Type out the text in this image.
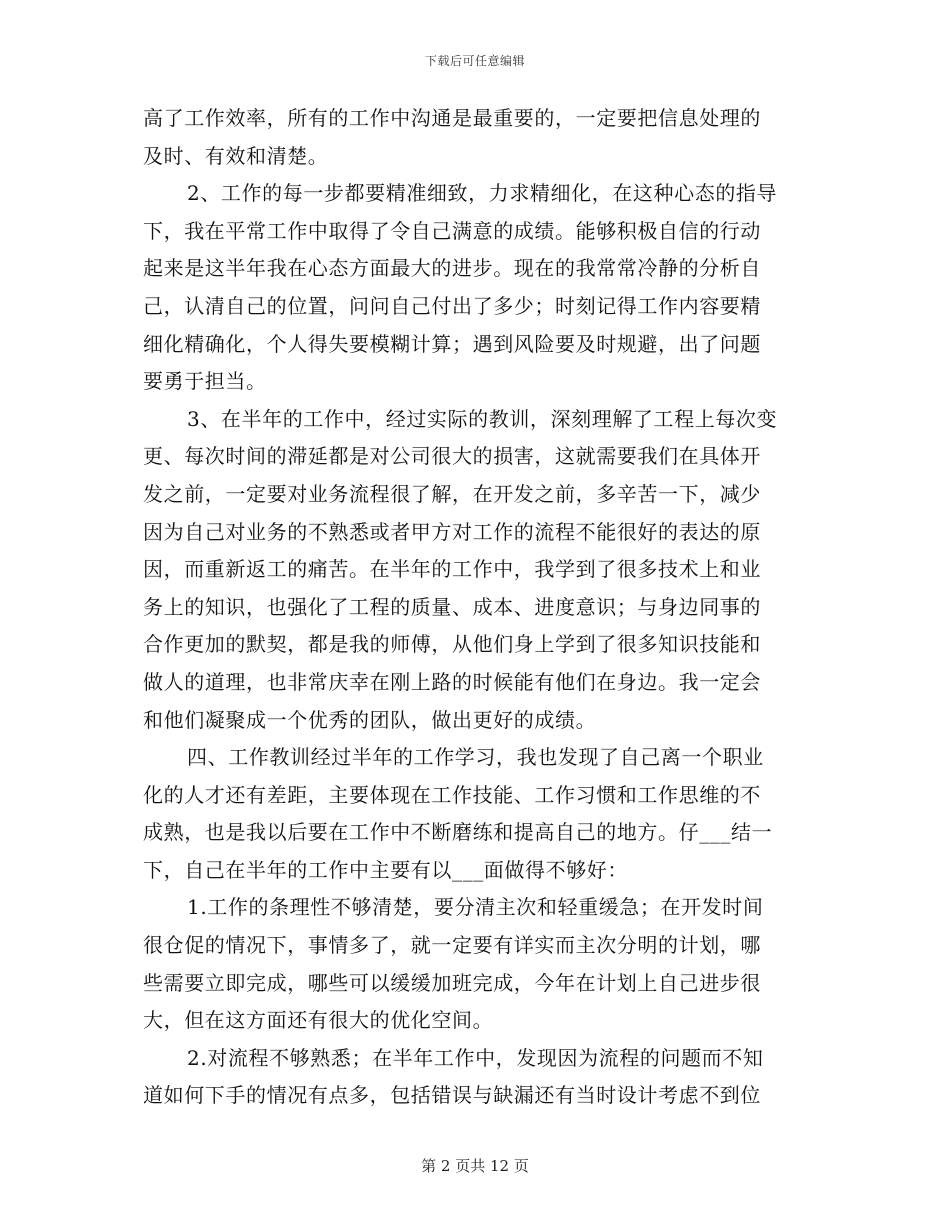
下载后可任意编辑
高了工作效率，所有的工作中沟通是最重要的，一定要把信息处理的
及时、有效和清楚。
2、工作的每一步都要精准细致，力求精细化，在这种心态的指导
下，我在平常工作中取得了令自己满意的成绩。能够积极自信的行动
起来是这半年我在心态方面最大的进步。现在的我常常冷静的分析自
己，认清自己的位置，问问自己付出了多少；时刻记得工作内容要精
细化精确化，个人得失要模糊计算；遇到风险要及时规避，出了问题
要勇于担当。
3、在半年的工作中，经过实际的教训，深刻理解了工程上每次变
更、每次时间的滞延都是对公司很大的损害，这就需要我们在具体开
发之前，一定要对业务流程很了解，在开发之前，多辛苦一下，减少
因为自己对业务的不熟悉或者甲方对工作的流程不能很好的表达的原
因，而重新返工的痛苦。在半年的工作中，我学到了很多技术上和业
务上的知识，也强化了工程的质量、成本、进度意识；与身边同事的
合作更加的默契，都是我的师傅，从他们身上学到了很多知识技能和
做人的道理，也非常庆幸在刚上路的时候能有他们在身边。我一定会
和他们凝聚成一个优秀的团队，做出更好的成绩。
四、工作教训经过半年的工作学习，我也发现了自己离一个职业
化的人才还有差距，主要体现在工作技能、工作习惯和工作思维的不
成熟，也是我以后要在工作中不断磨练和提高自己的地方。仔___结一
下，自己在半年的工作中主要有以___面做得不够好：
1.工作的条理性不够清楚，要分清主次和轻重缓急；在开发时间
很仓促的情况下，事情多了，就一定要有详实而主次分明的计划，哪
些需要立即完成，哪些可以缓缓加班完成，今年在计划上自己进步很
大，但在这方面还有很大的优化空间。
2.对流程不够熟悉；在半年工作中，发现因为流程的问题而不知
道如何下手的情况有点多，包括错误与缺漏还有当时设计考虑不到位
第 2 页共 12 页
